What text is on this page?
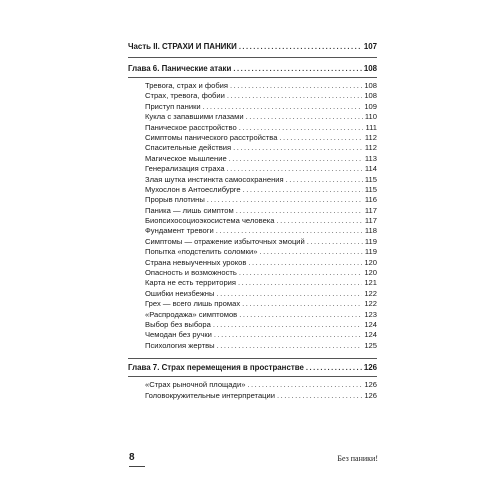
Часть II. СТРАХИ И ПАНИКИ . . .	107
Глава 6. Панические атаки . . .	108
Тревога, страх и фобия . . .	108
Страх, тревога, фобии . . .	108
Приступ паники . . .	109
Кукла с запавшими глазами . . .	110
Паническое расстройство . . .	111
Симптомы панического расстройства . . .	112
Спасительные действия . . .	112
Магическое мышление . . .	113
Генерализация страха . . .	114
Злая шутка инстинкта самосохранения . . .	115
Мухослон в Антоеслибурге . . .	115
Прорыв плотины . . .	116
Паника — лишь симптом . . .	117
Биопсихосоциоэкосистема человека . . .	117
Фундамент тревоги . . .	118
Симптомы — отражение избыточных эмоций . . .	119
Попытка «подстелить соломки» . . .	119
Страна невыученных уроков . . .	120
Опасность и возможность . . .	120
Карта не есть территория . . .	121
Ошибки неизбежны . . .	122
Грех — всего лишь промах . . .	122
«Распродажа» симптомов . . .	123
Выбор без выбора . . .	124
Чемодан без ручки . . .	124
Психология жертвы . . .	125
Глава 7. Страх перемещения в пространстве . . .	126
«Страх рыночной площади» . . .	126
Головокружительные интерпретации . . .	126
8	Без паники!
